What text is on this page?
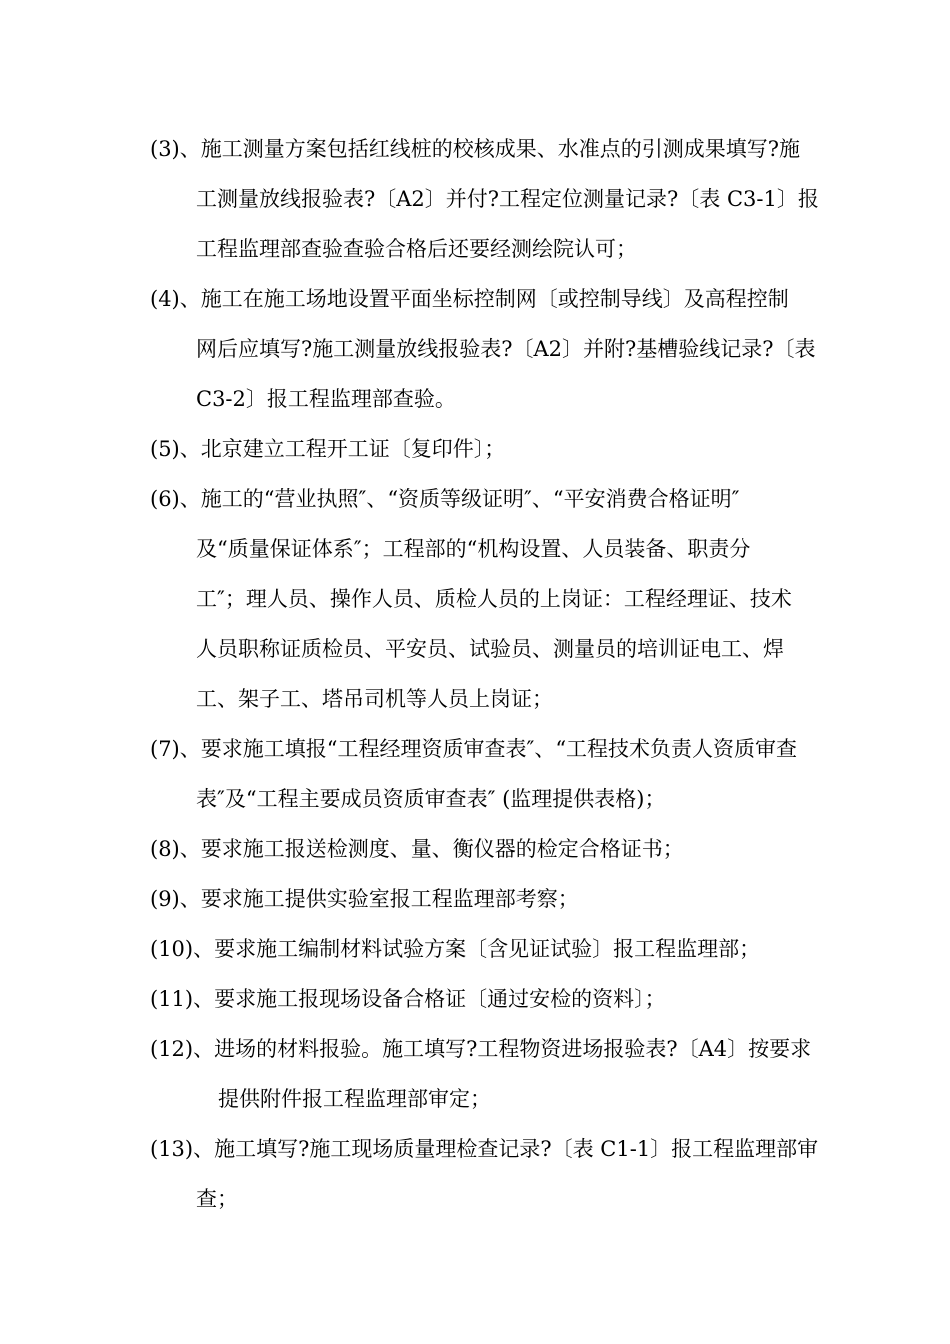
(3)、施工测量方案包括红线桩的校核成果、水准点的引测成果填写?施
工测量放线报验表?〔A2〕并付?工程定位测量记录?〔表 C3-1〕报
工程监理部查验查验合格后还要经测绘院认可；
(4)、施工在施工场地设置平面坐标控制网〔或控制导线〕及高程控制
网后应填写?施工测量放线报验表?〔A2〕并附?基槽验线记录?〔表
C3-2〕报工程监理部查验。
(5)、北京建立工程开工证〔复印件〕；
(6)、施工的“营业执照″、“资质等级证明″、“平安消费合格证明″
及“质量保证体系″；工程部的“机构设置、人员装备、职责分
工″；理人员、操作人员、质检人员的上岗证：工程经理证、技术
人员职称证质检员、平安员、试验员、测量员的培训证电工、焊
工、架子工、塔吊司机等人员上岗证；
(7)、要求施工填报“工程经理资质审查表″、“工程技术负责人资质审查
表″及“工程主要成员资质审查表″ (监理提供表格)；
(8)、要求施工报送检测度、量、衡仪器的检定合格证书；
(9)、要求施工提供实验室报工程监理部考察；
(10)、要求施工编制材料试验方案〔含见证试验〕报工程监理部；
(11)、要求施工报现场设备合格证〔通过安检的资料〕；
(12)、进场的材料报验。施工填写?工程物资进场报验表?〔A4〕按要求
提供附件报工程监理部审定；
(13)、施工填写?施工现场质量理检查记录?〔表 C1-1〕报工程监理部审
查；
